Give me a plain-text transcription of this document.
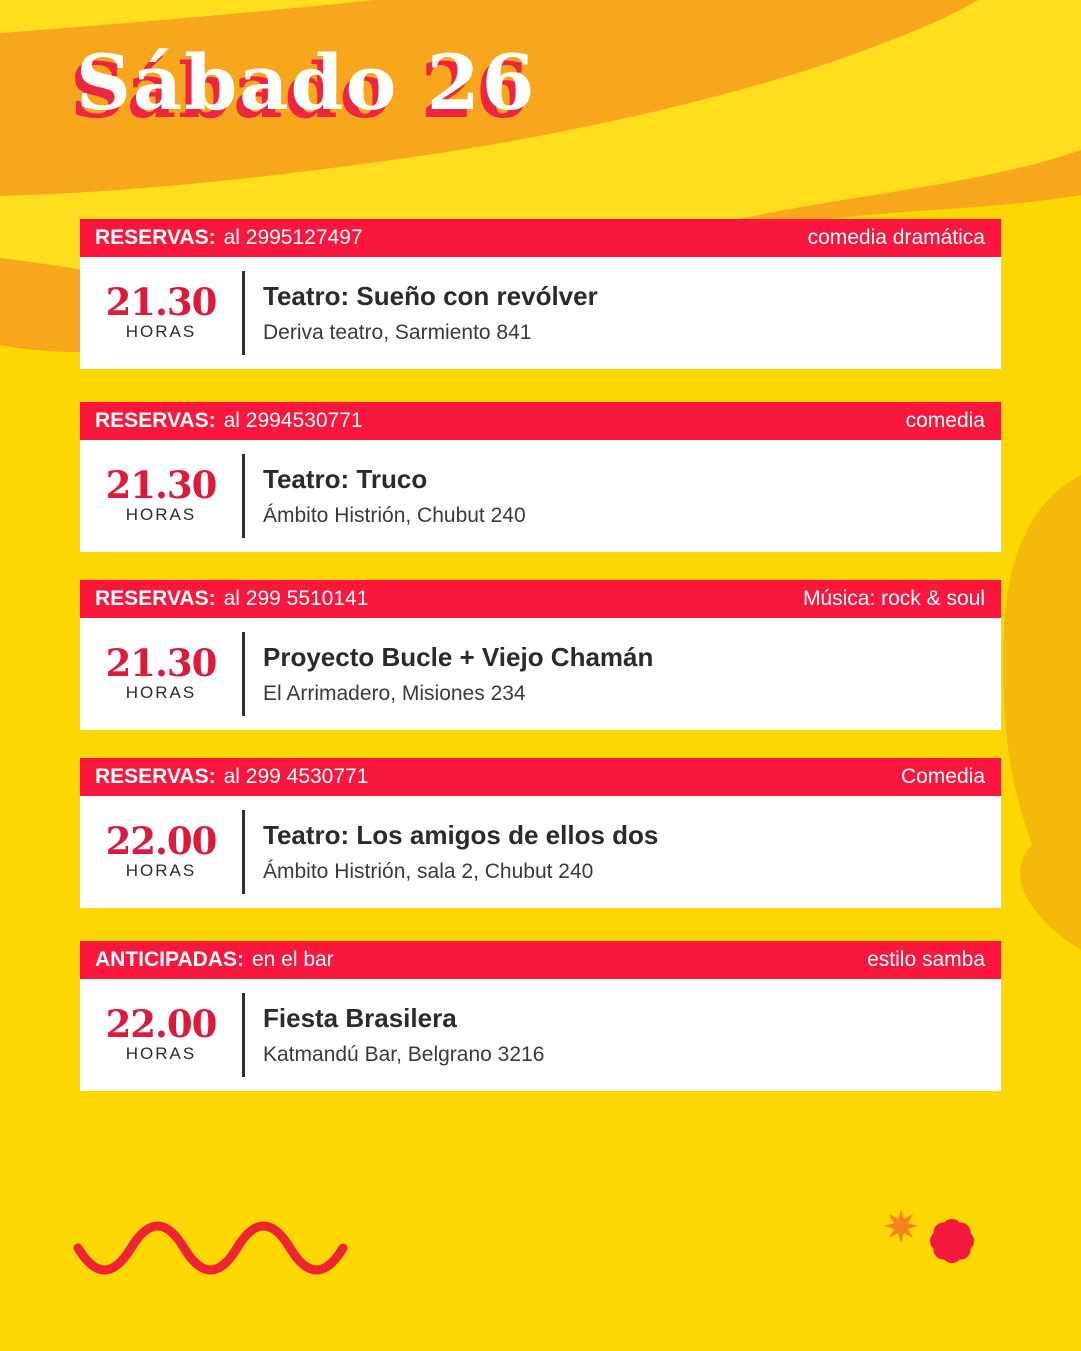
Sábado 26
RESERVAS: al 2995127497	comedia dramática
21.30
HORAS
Teatro: Sueño con revólver

Deriva teatro, Sarmiento 841

RESERVAS: al 2994530771	comedia
21.30
HORAS
Teatro: Truco

Ámbito Histrión, Chubut 240

RESERVAS: al 299 5510141	Música: rock & soul
21.30
HORAS
Proyecto Bucle + Viejo Chamán

El Arrimadero, Misiones 234

RESERVAS: al 299 4530771	Comedia
22.00
HORAS
Teatro: Los amigos de ellos dos

Ámbito Histrión, sala 2, Chubut 240

ANTICIPADAS: en el bar	estilo samba
22.00
HORAS
Fiesta Brasilera

Katmandú Bar, Belgrano 3216
